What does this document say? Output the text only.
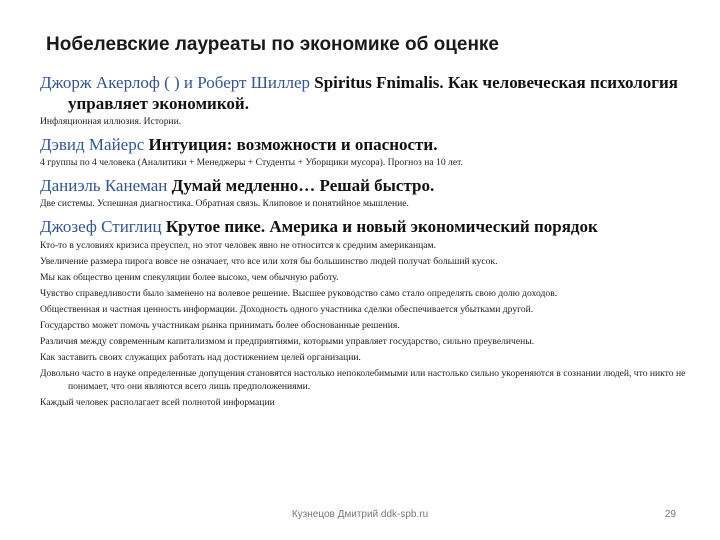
Нобелевские лауреаты по экономике об оценке
Джорж Акерлоф ( ) и Роберт Шиллер Spiritus Fnimalis. Как человеческая психология управляет экономикой.
Инфляционная иллюзия. Истории.
Дэвид Майерс Интуиция: возможности и опасности.
4 группы по 4 человека (Аналитики + Менеджеры + Студенты + Уборщики мусора). Прогноз на 10 лет.
Даниэль Канеман Думай медленно… Решай быстро.
Две системы. Успешная диагностика. Обратная связь. Клиповое и понятийное мышление.
Джозеф Стиглиц Крутое пике. Америка и новый экономический порядок
Кто-то в условиях кризиса преуспел, но этот человек явно не относится к средним американцам.
Увеличение размера пирога вовсе не означает, что все или хотя бы большинство людей получат больший кусок.
Мы как общество ценим спекуляции более высоко, чем обычную работу.
Чувство справедливости было заменено на волевое решение. Высшее руководство само стало определять свою долю доходов.
Общественная и частная ценность информации. Доходность одного участника сделки обеспечивается убытками другой.
Государство может помочь участникам рынка принимать более обоснованные решения.
Различия между современным капитализмом и предприятиями, которыми управляет государство, сильно преувеличены.
Как заставить своих служащих работать над достижением целей организации.
Довольно часто в науке определенные допущения становятся настолько непоколебимыми или настолько сильно укореняются в сознании людей, что никто не понимает, что они являются всего лишь предположениями.
Каждый человек располагает всей полнотой информации
Кузнецов Дмитрий ddk-spb.ru	29
